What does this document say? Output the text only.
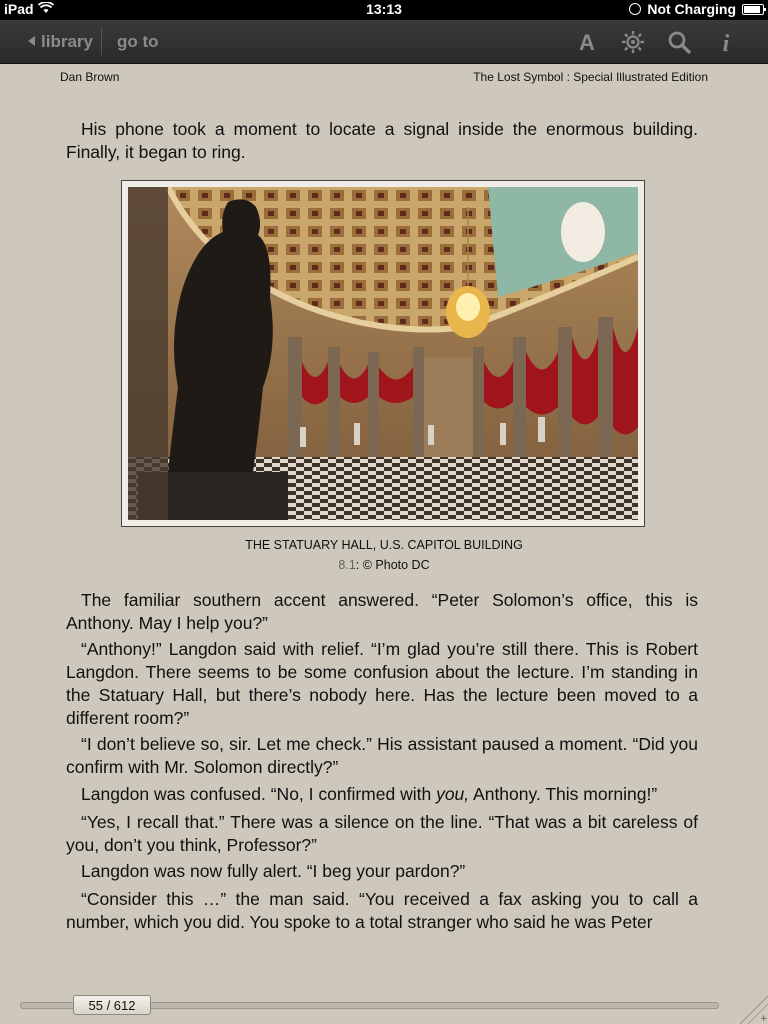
iPad	13:13	Not Charging
library go to	A	i
Dan Brown	The Lost Symbol : Special Illustrated Edition
His phone took a moment to locate a signal inside the enormous building. Finally, it began to ring.
THE STATUARY HALL, U.S. CAPITOL BUILDING
8.1: © Photo DC
The familiar southern accent answered. “Peter Solomon’s office, this is Anthony. May I help you?”
“Anthony!” Langdon said with relief. “I’m glad you’re still there. This is Robert Langdon. There seems to be some confusion about the lecture. I’m standing in the Statuary Hall, but there’s nobody here. Has the lecture been moved to a different room?”
“I don’t believe so, sir. Let me check.” His assistant paused a moment. “Did you confirm with Mr. Solomon directly?”
Langdon was confused. “No, I confirmed with you, Anthony. This morning!”
“Yes, I recall that.” There was a silence on the line. “That was a bit careless of you, don’t you think, Professor?”
Langdon was now fully alert. “I beg your pardon?”
“Consider this …” the man said. “You received a fax asking you to call a number, which you did. You spoke to a total stranger who said he was Peter
55 / 612
+
